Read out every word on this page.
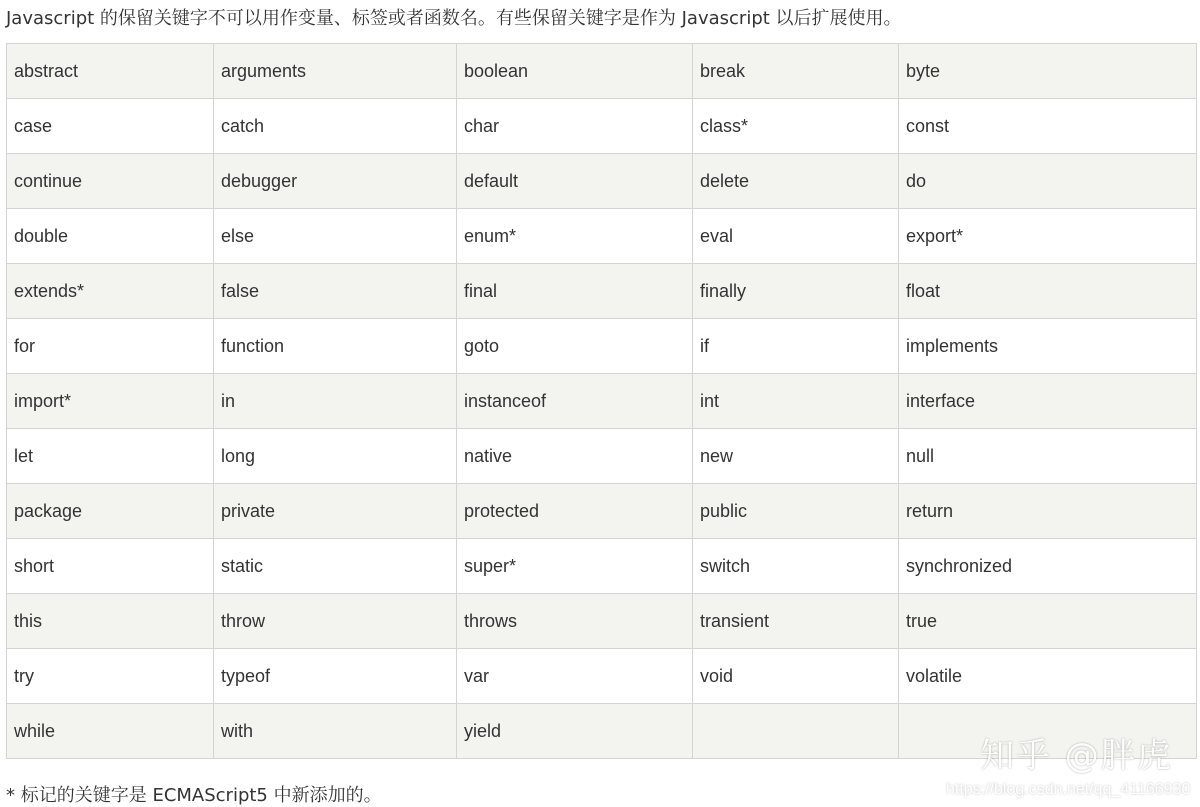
Javascript 的保留关键字不可以用作变量、标签或者函数名。有些保留关键字是作为 Javascript 以后扩展使用。
abstract	arguments	boolean	break	byte
case	catch	char	class*	const
continue	debugger	default	delete	do
double	else	enum*	eval	export*
extends*	false	final	finally	float
for	function	goto	if	implements
import*	in	instanceof	int	interface
let	long	native	new	null
package	private	protected	public	return
short	static	super*	switch	synchronized
this	throw	throws	transient	true
try	typeof	var	void	volatile
while	with	yield		
* 标记的关键字是 ECMAScript5 中新添加的。
知乎 @胖虎
https://blog.csdn.net/qq_41166930
